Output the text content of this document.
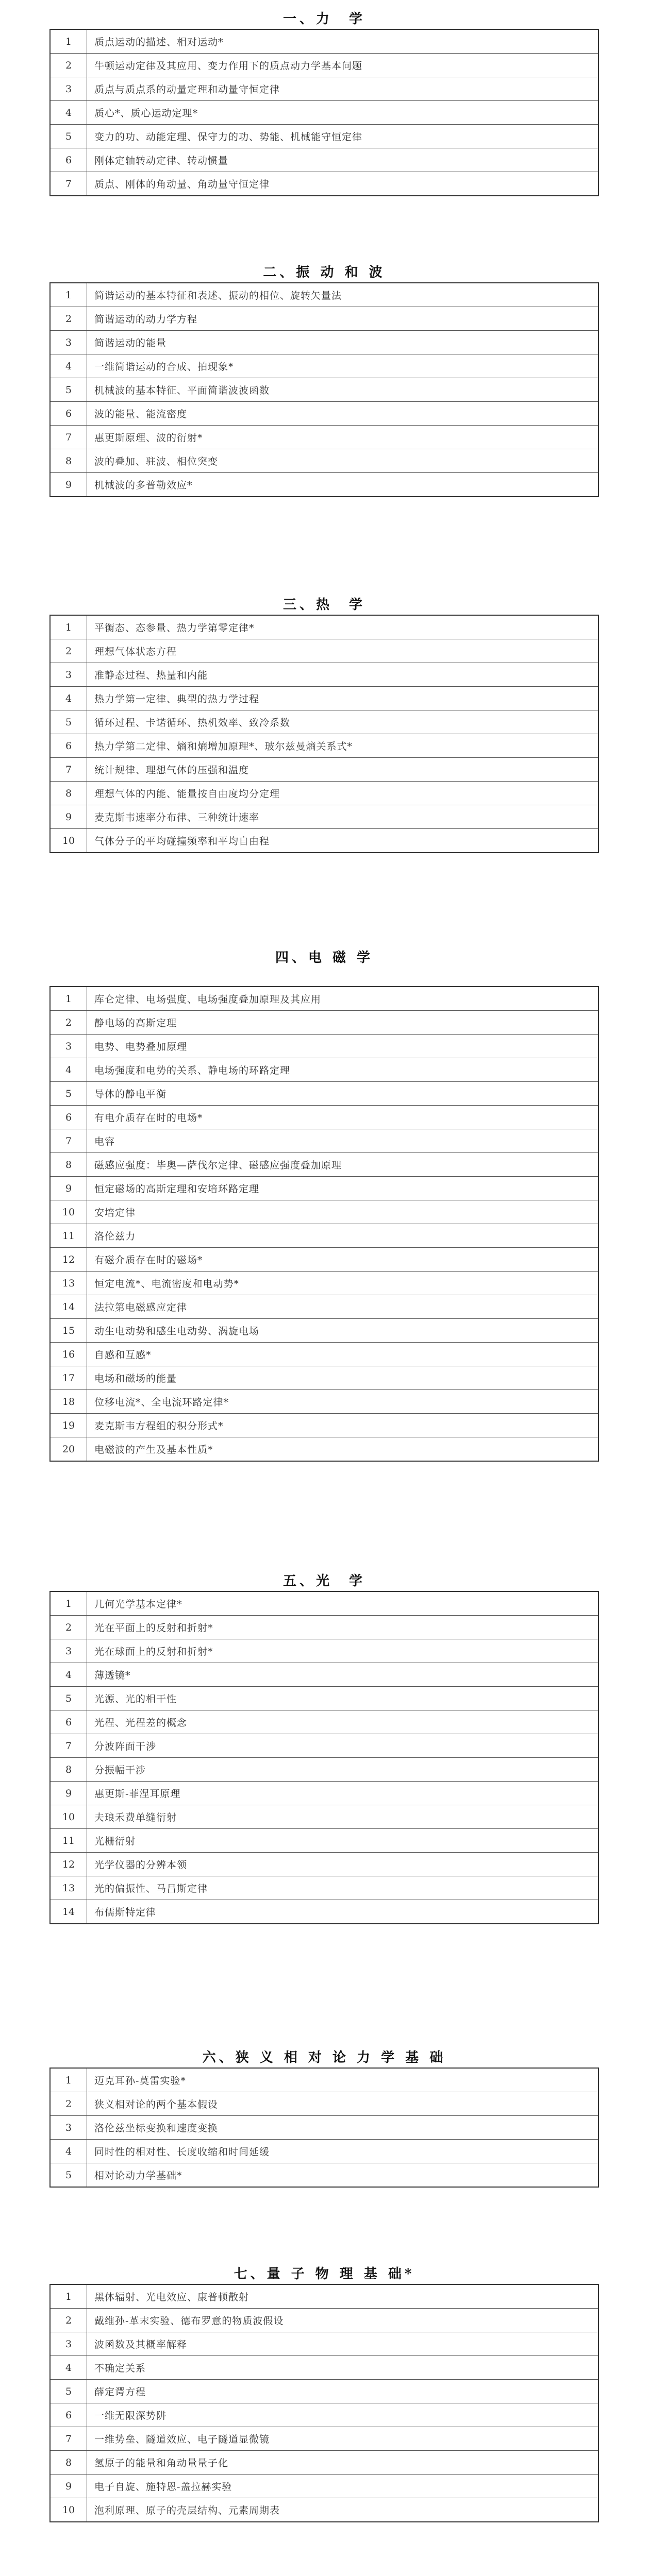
一、力　学
1	质点运动的描述、相对运动*
2	牛顿运动定律及其应用、变力作用下的质点动力学基本问题
3	质点与质点系的动量定理和动量守恒定律
4	质心*、质心运动定理*
5	变力的功、动能定理、保守力的功、势能、机械能守恒定律
6	刚体定轴转动定律、转动惯量
7	质点、刚体的角动量、角动量守恒定律
二、振 动 和 波
1	简谐运动的基本特征和表述、振动的相位、旋转矢量法
2	简谐运动的动力学方程
3	简谐运动的能量
4	一维简谐运动的合成、拍现象*
5	机械波的基本特征、平面简谐波波函数
6	波的能量、能流密度
7	惠更斯原理、波的衍射*
8	波的叠加、驻波、相位突变
9	机械波的多普勒效应*
三、热　学
1	平衡态、态参量、热力学第零定律*
2	理想气体状态方程
3	准静态过程、热量和内能
4	热力学第一定律、典型的热力学过程
5	循环过程、卡诺循环、热机效率、致冷系数
6	热力学第二定律、熵和熵增加原理*、玻尔兹曼熵关系式*
7	统计规律、理想气体的压强和温度
8	理想气体的内能、能量按自由度均分定理
9	麦克斯韦速率分布律、三种统计速率
10	气体分子的平均碰撞频率和平均自由程
四、电 磁 学
1	库仑定律、电场强度、电场强度叠加原理及其应用
2	静电场的高斯定理
3	电势、电势叠加原理
4	电场强度和电势的关系、静电场的环路定理
5	导体的静电平衡
6	有电介质存在时的电场*
7	电容
8	磁感应强度：毕奥—萨伐尔定律、磁感应强度叠加原理
9	恒定磁场的高斯定理和安培环路定理
10	安培定律
11	洛伦兹力
12	有磁介质存在时的磁场*
13	恒定电流*、电流密度和电动势*
14	法拉第电磁感应定律
15	动生电动势和感生电动势、涡旋电场
16	自感和互感*
17	电场和磁场的能量
18	位移电流*、全电流环路定律*
19	麦克斯韦方程组的积分形式*
20	电磁波的产生及基本性质*
五、光　学
1	几何光学基本定律*
2	光在平面上的反射和折射*
3	光在球面上的反射和折射*
4	薄透镜*
5	光源、光的相干性
6	光程、光程差的概念
7	分波阵面干涉
8	分振幅干涉
9	惠更斯-菲涅耳原理
10	夫琅禾费单缝衍射
11	光栅衍射
12	光学仪器的分辨本领
13	光的偏振性、马吕斯定律
14	布儒斯特定律
六、狭 义 相 对 论 力 学 基 础
1	迈克耳孙-莫雷实验*
2	狭义相对论的两个基本假设
3	洛伦兹坐标变换和速度变换
4	同时性的相对性、长度收缩和时间延缓
5	相对论动力学基础*
七、量 子 物 理 基 础*
1	黑体辐射、光电效应、康普顿散射
2	戴维孙-革末实验、德布罗意的物质波假设
3	波函数及其概率解释
4	不确定关系
5	薛定谔方程
6	一维无限深势阱
7	一维势垒、隧道效应、电子隧道显微镜
8	氢原子的能量和角动量量子化
9	电子自旋、施特恩-盖拉赫实验
10	泡利原理、原子的壳层结构、元素周期表
